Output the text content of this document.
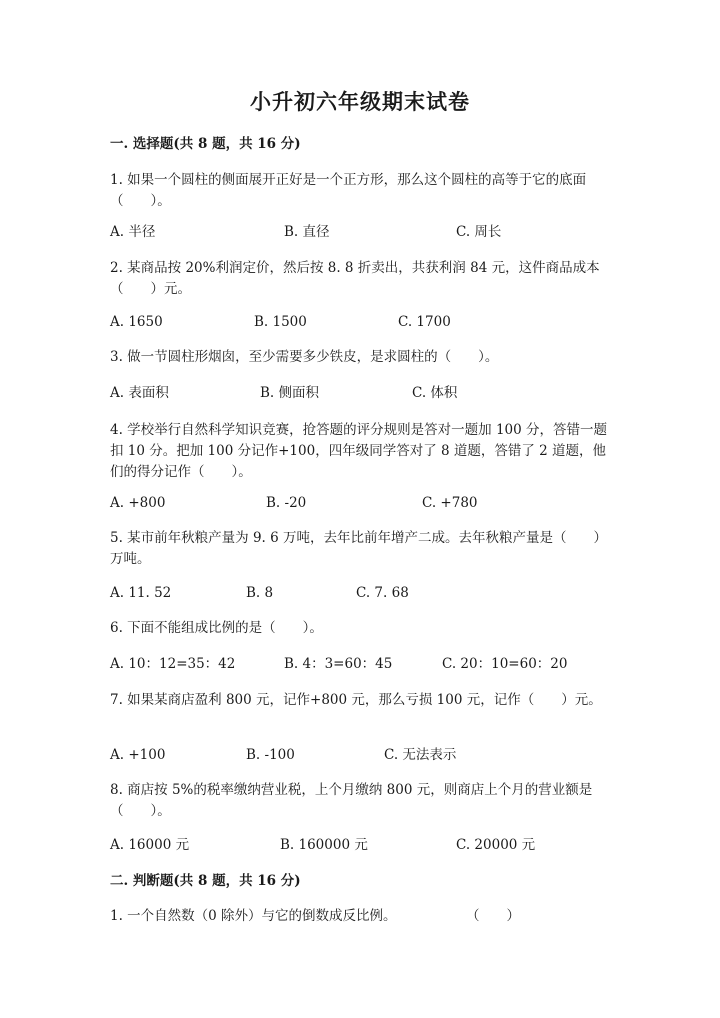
小升初六年级期末试卷
一. 选择题(共 8 题，共 16 分)
1. 如果一个圆柱的侧面展开正好是一个正方形，那么这个圆柱的高等于它的底面（　　）。
A. 半径	B. 直径	C. 周长
2. 某商品按 20%利润定价，然后按 8. 8 折卖出，共获利润 84 元，这件商品成本（　　）元。
A. 1650	B. 1500	C. 1700
3. 做一节圆柱形烟囱，至少需要多少铁皮，是求圆柱的（　　）。
A. 表面积	B. 侧面积	C. 体积
4. 学校举行自然科学知识竞赛，抢答题的评分规则是答对一题加 100 分，答错一题扣 10 分。把加 100 分记作+100，四年级同学答对了 8 道题，答错了 2 道题，他们的得分记作（　　）。
A. +800	B. -20	C. +780
5. 某市前年秋粮产量为 9. 6 万吨，去年比前年增产二成。去年秋粮产量是（　　）万吨。
A. 11. 52	B. 8	C. 7. 68
6. 下面不能组成比例的是（　　）。
A. 10：12=35：42	B. 4：3=60：45	C. 20：10=60：20
7. 如果某商店盈利 800 元，记作+800 元，那么亏损 100 元，记作（　　）元。
A. +100	B. -100	C. 无法表示
8. 商店按 5%的税率缴纳营业税，上个月缴纳 800 元，则商店上个月的营业额是（　　）。
A. 16000 元	B. 160000 元	C. 20000 元
二. 判断题(共 8 题，共 16 分)
1. 一个自然数（0 除外）与它的倒数成反比例。	（　　）
